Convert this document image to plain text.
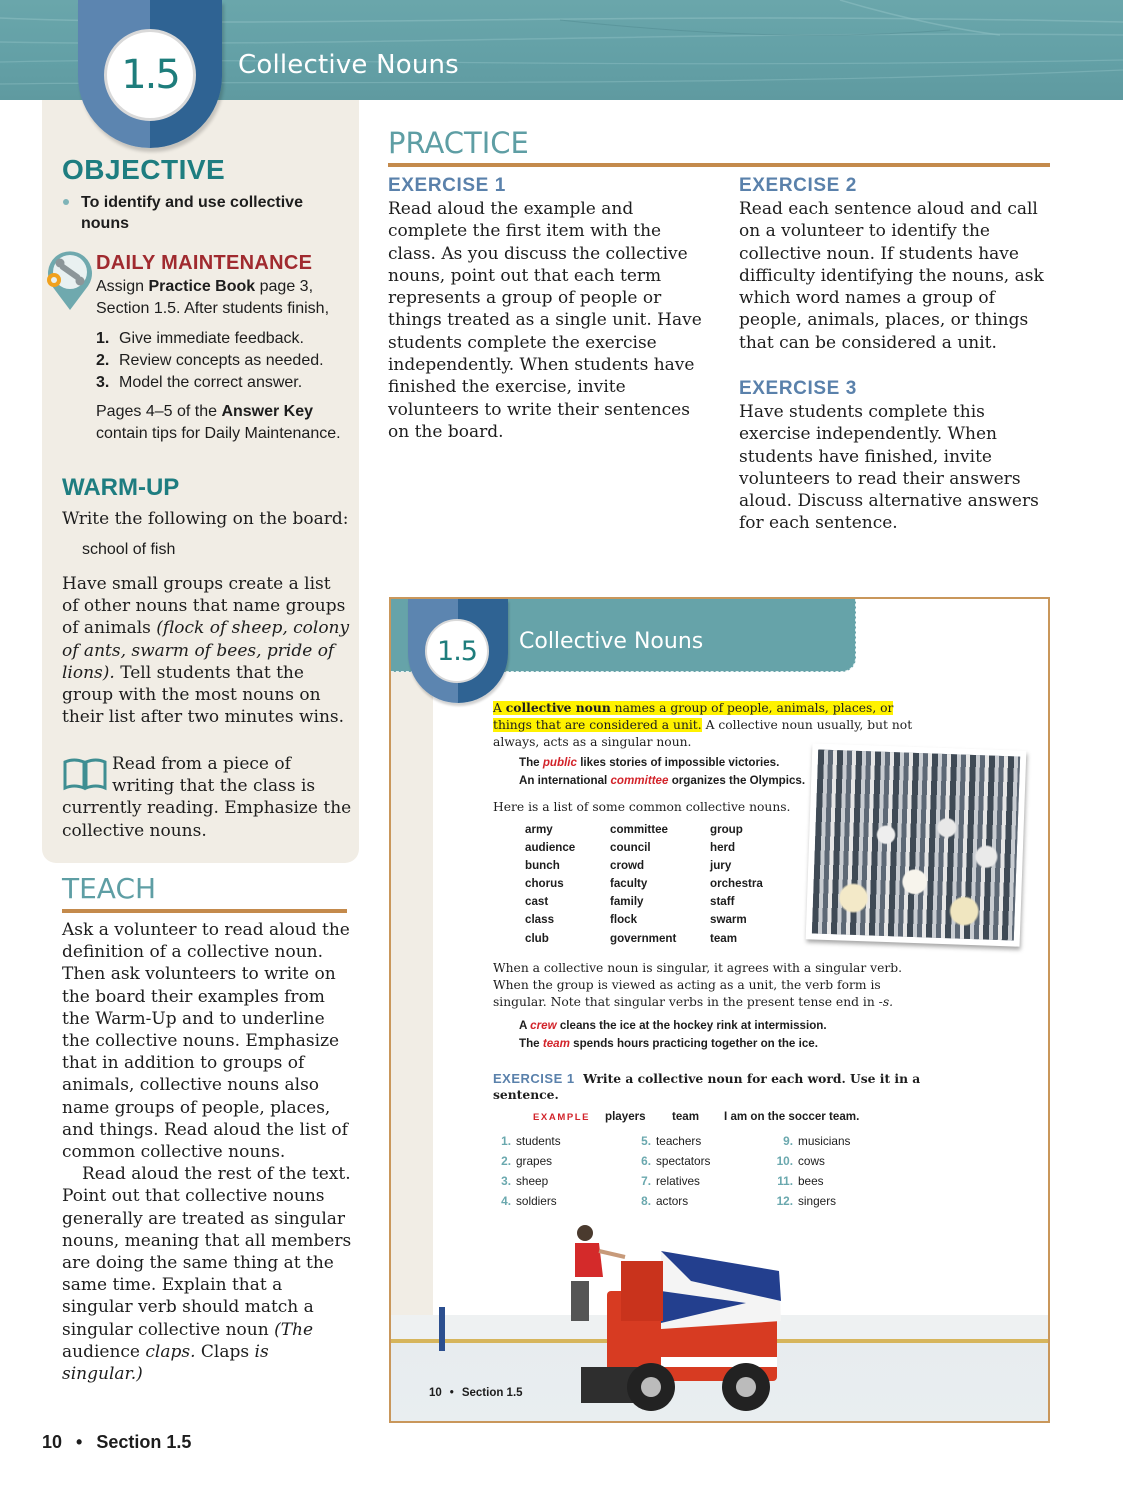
Collective Nouns
1.5
OBJECTIVE
To identify and use collective nouns
DAILY MAINTENANCE
Assign Practice Book page 3, Section 1.5. After students finish,
1. Give immediate feedback.
2. Review concepts as needed.
3. Model the correct answer.
Pages 4–5 of the Answer Key contain tips for Daily Maintenance.
WARM-UP
Write the following on the board:
school of fish
Have small groups create a list of other nouns that name groups of animals (flock of sheep, colony of ants, swarm of bees, pride of lions). Tell students that the group with the most nouns on their list after two minutes wins.
Read from a piece of writing that the class is currently reading. Emphasize the collective nouns.
TEACH

Ask a volunteer to read aloud the definition of a collective noun. Then ask volunteers to write on the board their examples from the Warm-Up and to underline the collective nouns. Emphasize that in addition to groups of animals, collective nouns also name groups of people, places, and things. Read aloud the list of common collective nouns.

Read aloud the rest of the text. Point out that collective nouns generally are treated as singular nouns, meaning that all members are doing the same thing at the same time. Explain that a singular verb should match a singular collective noun (The audience claps. Claps is singular.)

10 • Section 1.5
PRACTICE
EXERCISE 1
Read aloud the example and complete the first item with the class. As you discuss the collective nouns, point out that each term represents a group of people or things treated as a single unit. Have students complete the exercise independently. When students have finished the exercise, invite volunteers to write their sentences on the board.
EXERCISE 2
Read each sentence aloud and call on a volunteer to identify the collective noun. If students have difficulty identifying the nouns, ask which word names a group of people, animals, places, or things that can be considered a unit.
EXERCISE 3
Have students complete this exercise independently. When students have finished, invite volunteers to read their answers aloud. Discuss alternative answers for each sentence.
Collective Nouns
1.5
A collective noun names a group of people, animals, places, or things that are considered a unit. A collective noun usually, but not always, acts as a singular noun.
The public likes stories of impossible victories.
An international committee organizes the Olympics.
Here is a list of some common collective nouns.
army
audience
bunch
chorus
cast
class
club
committee
council
crowd
faculty
family
flock
government
group
herd
jury
orchestra
staff
swarm
team
When a collective noun is singular, it agrees with a singular verb. When the group is viewed as acting as a unit, the verb form is singular. Note that singular verbs in the present tense end in -s.
A crew cleans the ice at the hockey rink at intermission.
The team spends hours practicing together on the ice.
EXERCISE 1 Write a collective noun for each word. Use it in a sentence.
EXAMPLE players team I am on the soccer team.
1. students
2. grapes
3. sheep
4. soldiers
5. teachers
6. spectators
7. relatives
8. actors
9. musicians
10. cows
11. bees
12. singers
10 • Section 1.5
